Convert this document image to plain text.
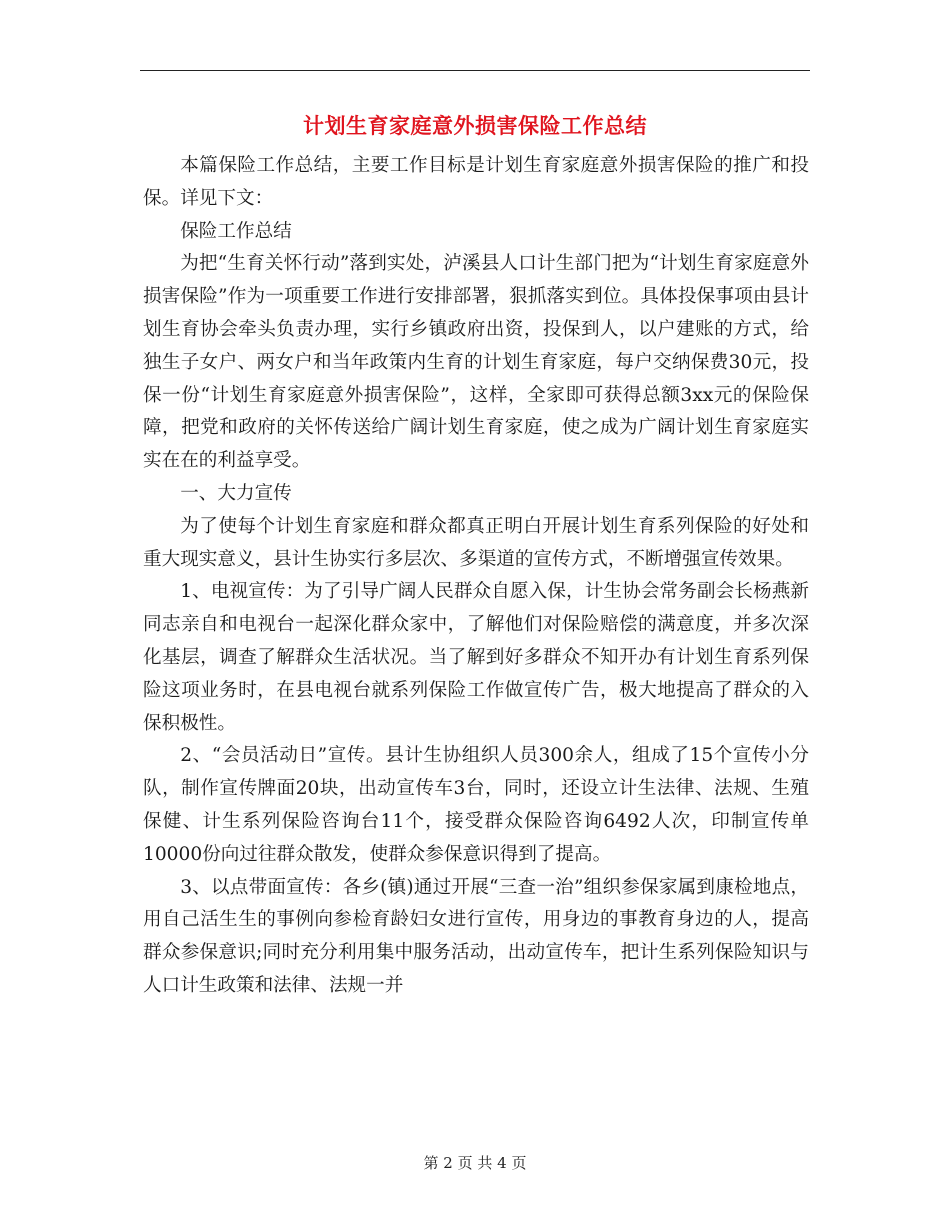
计划生育家庭意外损害保险工作总结

本篇保险工作总结，主要工作目标是计划生育家庭意外损害保险的推广和投保。详见下文：

保险工作总结

为把“生育关怀行动”落到实处，泸溪县人口计生部门把为“计划生育家庭意外损害保险”作为一项重要工作进行安排部署，狠抓落实到位。具体投保事项由县计划生育协会牵头负责办理，实行乡镇政府出资，投保到人，以户建账的方式，给独生子女户、两女户和当年政策内生育的计划生育家庭，每户交纳保费30元，投保一份“计划生育家庭意外损害保险”，这样，全家即可获得总额3xx元的保险保障，把党和政府的关怀传送给广阔计划生育家庭，使之成为广阔计划生育家庭实实在在的利益享受。

一、大力宣传

为了使每个计划生育家庭和群众都真正明白开展计划生育系列保险的好处和重大现实意义，县计生协实行多层次、多渠道的宣传方式，不断增强宣传效果。

1、电视宣传：为了引导广阔人民群众自愿入保，计生协会常务副会长杨燕新同志亲自和电视台一起深化群众家中，了解他们对保险赔偿的满意度，并多次深化基层，调查了解群众生活状况。当了解到好多群众不知开办有计划生育系列保险这项业务时，在县电视台就系列保险工作做宣传广告，极大地提高了群众的入保积极性。

2、“会员活动日”宣传。县计生协组织人员300余人，组成了15个宣传小分队，制作宣传牌面20块，出动宣传车3台，同时，还设立计生法律、法规、生殖保健、计生系列保险咨询台11个，接受群众保险咨询6492人次，印制宣传单10000份向过往群众散发，使群众参保意识得到了提高。

3、以点带面宣传：各乡(镇)通过开展“三查一治”组织参保家属到康检地点，用自己活生生的事例向参检育龄妇女进行宣传，用身边的事教育身边的人，提高群众参保意识;同时充分利用集中服务活动，出动宣传车，把计生系列保险知识与人口计生政策和法律、法规一并

第 2 页 共 4 页
